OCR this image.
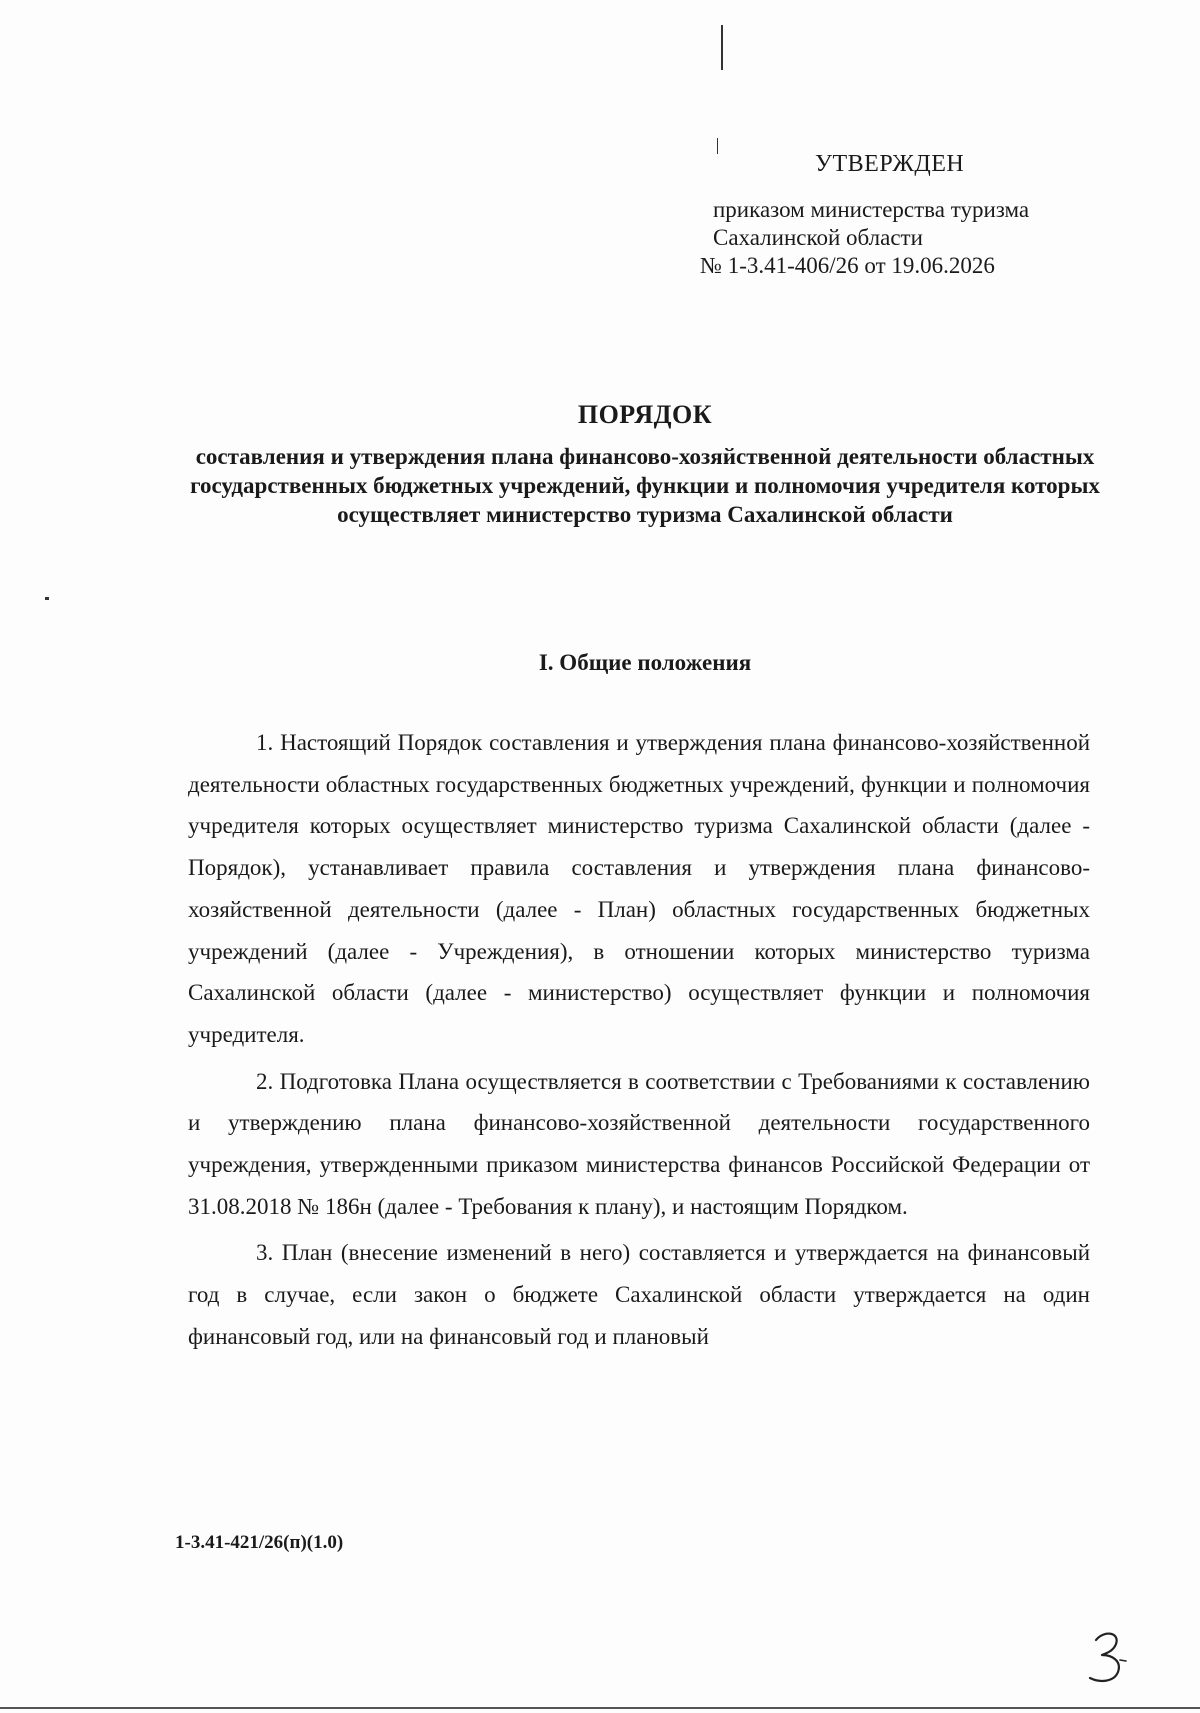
УТВЕРЖДЕН
приказом министерства туризма
Сахалинской области
№ 1-3.41-406/26 от 19.06.2026
ПОРЯДОК
составления и утверждения плана финансово-хозяйственной деятельности областных государственных бюджетных учреждений, функции и полномочия учредителя которых осуществляет министерство туризма Сахалинской области
I. Общие положения

1. Настоящий Порядок составления и утверждения плана финансово-хозяйственной деятельности областных государственных бюджетных учреждений, функции и полномочия учредителя которых осуществляет министерство туризма Сахалинской области (далее - Порядок), устанавливает правила составления и утверждения плана финансово-хозяйственной деятельности (далее - План) областных государственных бюджетных учреждений (далее - Учреждения), в отношении которых министерство туризма Сахалинской области (далее - министерство) осуществляет функции и полномочия учредителя.

2. Подготовка Плана осуществляется в соответствии с Требованиями к составлению и утверждению плана финансово-хозяйственной деятельности государственного учреждения, утвержденными приказом министерства финансов Российской Федерации от 31.08.2018 № 186н (далее - Требования к плану), и настоящим Порядком.

3. План (внесение изменений в него) составляется и утверждается на финансовый год в случае, если закон о бюджете Сахалинской области утверждается на один финансовый год, или на финансовый год и плановый

1-3.41-421/26(п)(1.0)
